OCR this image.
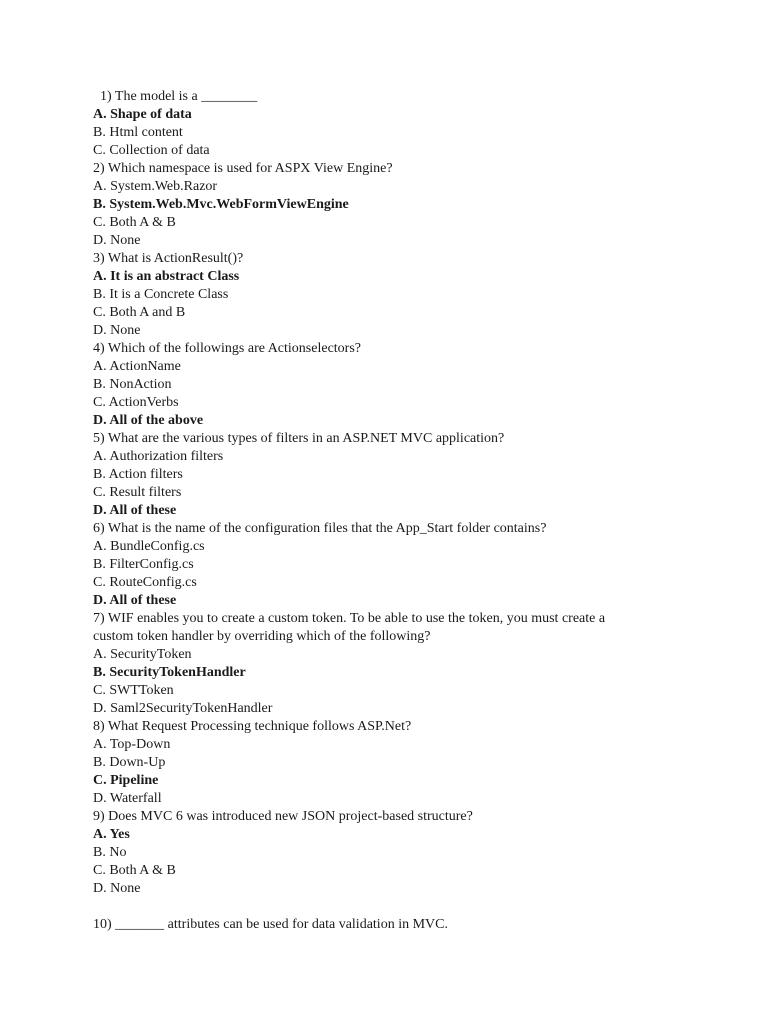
1) The model is a ________
A. Shape of data
B. Html content
C. Collection of data
2) Which namespace is used for ASPX View Engine?
A. System.Web.Razor
B. System.Web.Mvc.WebFormViewEngine
C. Both A & B
D. None
3) What is ActionResult()?
A. It is an abstract Class
B. It is a Concrete Class
C. Both A and B
D. None
4) Which of the followings are Actionselectors?
A. ActionName
B. NonAction
C. ActionVerbs
D. All of the above
5) What are the various types of filters in an ASP.NET MVC application?
A. Authorization filters
B. Action filters
C. Result filters
D. All of these
6) What is the name of the configuration files that the App_Start folder contains?
A. BundleConfig.cs
B. FilterConfig.cs
C. RouteConfig.cs
D. All of these
7) WIF enables you to create a custom token. To be able to use the token, you must create a
custom token handler by overriding which of the following?
A. SecurityToken
B. SecurityTokenHandler
C. SWTToken
D. Saml2SecurityTokenHandler
8) What Request Processing technique follows ASP.Net?
A. Top-Down
B. Down-Up
C. Pipeline
D. Waterfall
9) Does MVC 6 was introduced new JSON project-based structure?
A. Yes
B. No
C. Both A & B
D. None
10) _______ attributes can be used for data validation in MVC.
